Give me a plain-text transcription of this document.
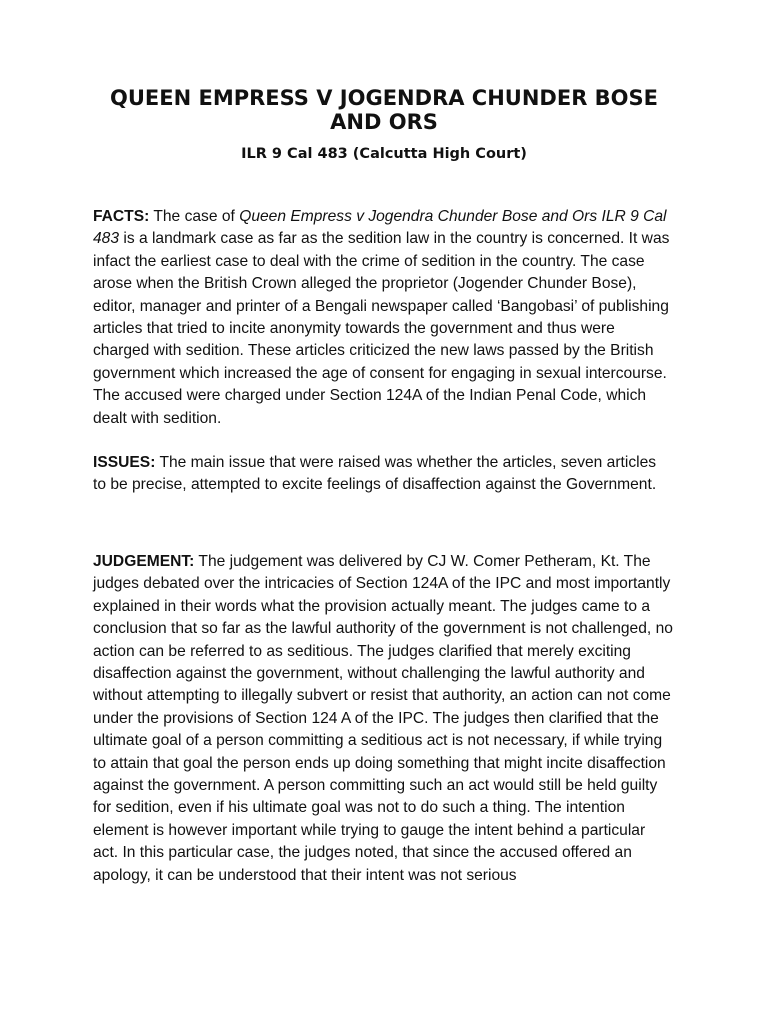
QUEEN EMPRESS V JOGENDRA CHUNDER BOSE AND ORS

ILR 9 Cal 483 (Calcutta High Court)

FACTS: The case of Queen Empress v Jogendra Chunder Bose and Ors ILR 9 Cal 483 is a landmark case as far as the sedition law in the country is concerned. It was infact the earliest case to deal with the crime of sedition in the country. The case arose when the British Crown alleged the proprietor (Jogender Chunder Bose), editor, manager and printer of a Bengali newspaper called ‘Bangobasi’ of publishing articles that tried to incite anonymity towards the government and thus were charged with sedition. These articles criticized the new laws passed by the British government which increased the age of consent for engaging in sexual intercourse. The accused were charged under Section 124A of the Indian Penal Code, which dealt with sedition.

ISSUES: The main issue that were raised was whether the articles, seven articles to be precise, attempted to excite feelings of disaffection against the Government.

JUDGEMENT: The judgement was delivered by CJ W. Comer Petheram, Kt. The judges debated over the intricacies of Section 124A of the IPC and most importantly explained in their words what the provision actually meant. The judges came to a conclusion that so far as the lawful authority of the government is not challenged, no action can be referred to as seditious. The judges clarified that merely exciting disaffection against the government, without challenging the lawful authority and without attempting to illegally subvert or resist that authority, an action can not come under the provisions of Section 124 A of the IPC. The judges then clarified that the ultimate goal of a person committing a seditious act is not necessary, if while trying to attain that goal the person ends up doing something that might incite disaffection against the government. A person committing such an act would still be held guilty for sedition, even if his ultimate goal was not to do such a thing. The intention element is however important while trying to gauge the intent behind a particular act. In this particular case, the judges noted, that since the accused offered an apology, it can be understood that their intent was not serious
